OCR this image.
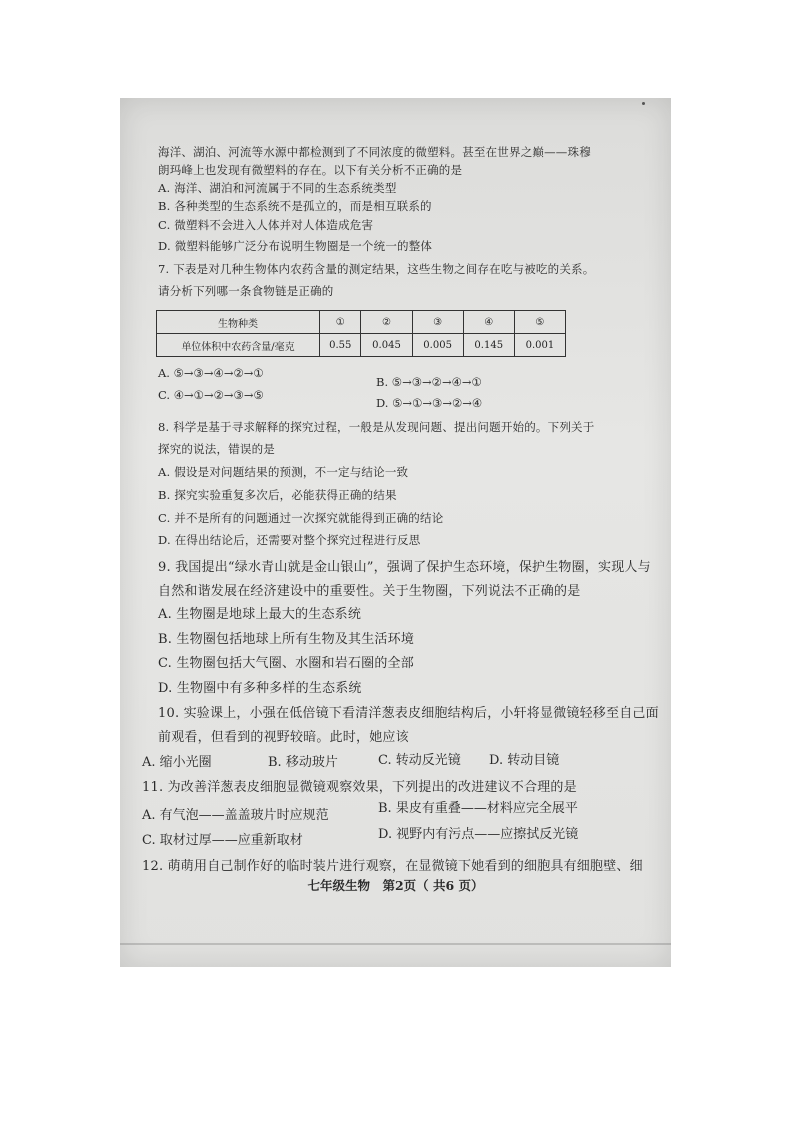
海洋、湖泊、河流等水源中都检测到了不同浓度的微塑料。甚至在世界之巅——珠穆
朗玛峰上也发现有微塑料的存在。以下有关分析不正确的是
A. 海洋、湖泊和河流属于不同的生态系统类型
B. 各种类型的生态系统不是孤立的，而是相互联系的
C. 微塑料不会进入人体并对人体造成危害
D. 微塑料能够广泛分布说明生物圈是一个统一的整体
7. 下表是对几种生物体内农药含量的测定结果，这些生物之间存在吃与被吃的关系。
请分析下列哪一条食物链是正确的
生物种类	①	②	③	④	⑤
单位体积中农药含量/毫克	0.55	0.045	0.005	0.145	0.001
A. ⑤→③→④→②→①
B. ⑤→③→②→④→①
C. ④→①→②→③→⑤
D. ⑤→①→③→②→④
8. 科学是基于寻求解释的探究过程，一般是从发现问题、提出问题开始的。下列关于
探究的说法，错误的是
A. 假设是对问题结果的预测，不一定与结论一致
B. 探究实验重复多次后，必能获得正确的结果
C. 并不是所有的问题通过一次探究就能得到正确的结论
D. 在得出结论后，还需要对整个探究过程进行反思
9. 我国提出“绿水青山就是金山银山”，强调了保护生态环境，保护生物圈，实现人与
自然和谐发展在经济建设中的重要性。关于生物圈，下列说法不正确的是
A. 生物圈是地球上最大的生态系统
B. 生物圈包括地球上所有生物及其生活环境
C. 生物圈包括大气圈、水圈和岩石圈的全部
D. 生物圈中有多种多样的生态系统
10. 实验课上，小强在低倍镜下看清洋葱表皮细胞结构后，小轩将显微镜轻移至自己面
前观看，但看到的视野较暗。此时，她应该
A. 缩小光圈	B. 移动玻片	C. 转动反光镜 D. 转动目镜
11. 为改善洋葱表皮细胞显微镜观察效果，下列提出的改进建议不合理的是
A. 有气泡——盖盖玻片时应规范	B. 果皮有重叠——材料应完全展平
C. 取材过厚——应重新取材	D. 视野内有污点——应擦拭反光镜
12. 萌萌用自己制作好的临时装片进行观察，在显微镜下她看到的细胞具有细胞壁、细
七年级生物　第2页（ 共6 页）
